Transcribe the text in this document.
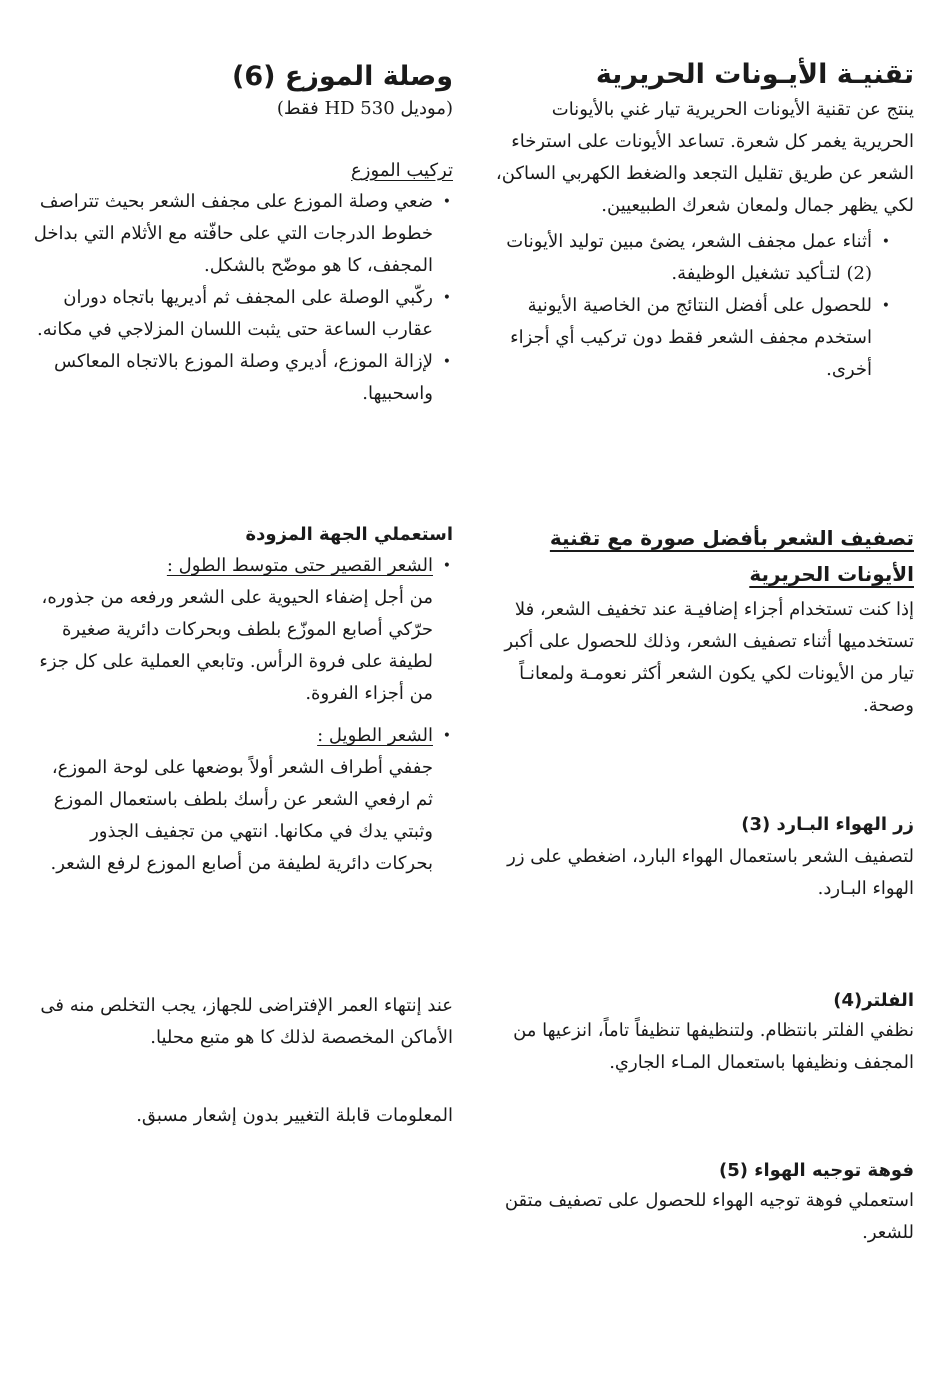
تقنيـة الأيـونات الحريرية

ينتج عن تقنية الأيونات الحريرية تيار غني بالأيونات الحريرية يغمر كل شعرة. تساعد الأيونات على استرخاء الشعر عن طريق تقليل التجعد والضغط الكهربي الساكن، لكي يظهر جمال ولمعان شعرك الطبيعيين.

• أثناء عمل مجفف الشعر، يضئ مبين توليد الأيونات (2) لتـأكيد تشغيل الوظيفة.
• للحصول على أفضل النتائج من الخاصية الأيونية استخدم مجفف الشعر فقط دون تركيب أي أجزاء أخرى.
تصفيف الشعر بأفضل صورة مع تقنية الأيونات الحريرية

إذا كنت تستخدام أجزاء إضافيـة عند تخفيف الشعر، فلا تستخدميها أثناء تصفيف الشعر، وذلك للحصول على أكبر تيار من الأيونات لكي يكون الشعر أكثر نعومـة ولمعانـاً وصحة.

زر الهواء البـارد (3)

لتصفيف الشعر باستعمال الهواء البارد، اضغطي على زر الهواء البـارد.

الفلتر(4)

نظفي الفلتر بانتظام. ولتنظيفها تنظيفاً تاماً، انزعيها من المجفف ونظيفها باستعمال المـاء الجاري.

فوهة توجيه الهواء (5)

استعملي فوهة توجيه الهواء للحصول على تصفيف متقن للشعر.

وصلة الموزع (6)
(موديل HD 530 فقط)
تركيب الموزع
• ضعي وصلة الموزع على مجفف الشعر بحيث تتراصف خطوط الدرجات التي على حافّته مع الأثلام التي بداخل المجفف، كا هو موضّح بالشكل.
• ركّبي الوصلة على المجفف ثم أديريها باتجاه دوران عقارب الساعة حتى يثبت اللسان المزلاجي في مكانه.
• لإزالة الموزع، أديري وصلة الموزع بالاتجاه المعاكس واسحبيها.
استعملي الجهة المزودة
• الشعر القصير حتى متوسط الطول :
من أجل إضفاء الحيوية على الشعر ورفعه من جذوره، حرّكي أصابع الموزّع بلطف وبحركات دائرية صغيرة لطيفة على فروة الرأس. وتابعي العملية على كل جزء من أجزاء الفروة.
• الشعر الطويل :
جففي أطراف الشعر أولاً بوضعها على لوحة الموزع، ثم ارفعي الشعر عن رأسك بلطف باستعمال الموزع وثبتي يدك في مكانها. انتهي من تجفيف الجذور بحركات دائرية لطيفة من أصابع الموزع لرفع الشعر.

عند إنتهاء العمر الإفتراضى للجهاز، يجب التخلص منه فى الأماكن المخصصة لذلك كا هو متبع محليا.

المعلومات قابلة التغيير بدون إشعار مسبق.
